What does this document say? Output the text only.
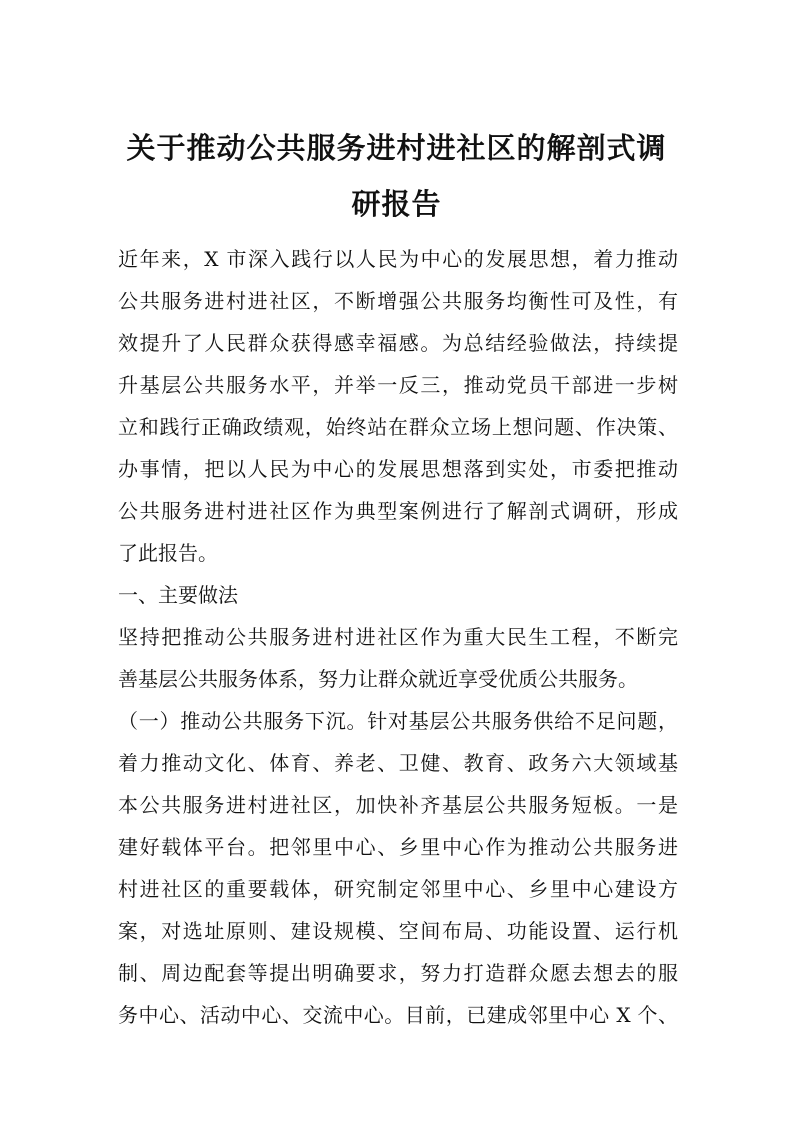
关于推动公共服务进村进社区的解剖式调
研报告
近年来，X 市深入践行以人民为中心的发展思想，着力推动
公共服务进村进社区，不断增强公共服务均衡性可及性，有
效提升了人民群众获得感幸福感。为总结经验做法，持续提
升基层公共服务水平，并举一反三，推动党员干部进一步树
立和践行正确政绩观，始终站在群众立场上想问题、作决策、
办事情，把以人民为中心的发展思想落到实处，市委把推动
公共服务进村进社区作为典型案例进行了解剖式调研，形成
了此报告。
一、主要做法
坚持把推动公共服务进村进社区作为重大民生工程，不断完
善基层公共服务体系，努力让群众就近享受优质公共服务。
（一）推动公共服务下沉。针对基层公共服务供给不足问题，
着力推动文化、体育、养老、卫健、教育、政务六大领域基
本公共服务进村进社区，加快补齐基层公共服务短板。一是
建好载体平台。把邻里中心、乡里中心作为推动公共服务进
村进社区的重要载体，研究制定邻里中心、乡里中心建设方
案，对选址原则、建设规模、空间布局、功能设置、运行机
制、周边配套等提出明确要求，努力打造群众愿去想去的服
务中心、活动中心、交流中心。目前，已建成邻里中心 X 个、
